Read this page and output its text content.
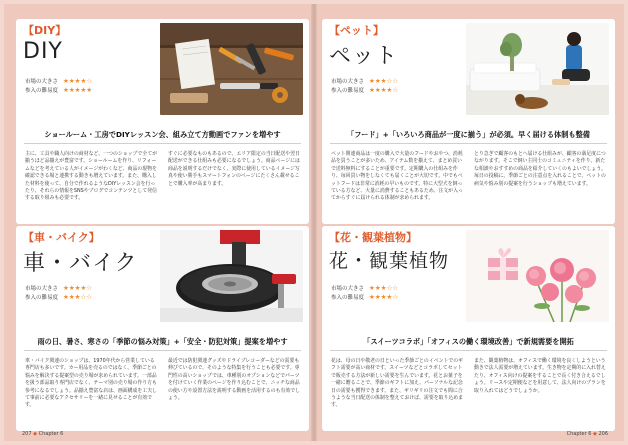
【DIY】
DIY
市場の大きさ ★★★★☆
参入の難易度 ★★★★★
ショールーム・工房でDIYレッスン会、組み立て方動画でファンを増やす
主に、工具や職人向けの商材など、一つのショップで全てが揃うほど品揃えが豊富です。ショールームを作り、リフォームなどを考えている人がイメージがわくなど、商品の現物を確認できる場と連携する動きも増えています。また、購入した材料を使って、自分で作れるようなDIYレッスン会を行ったり、それらの情報をSNSやブログでコンテンツとして発信する取り組みも必要です。
すぐに必要なものもあるので、エリア限定の当日配送や翌日配送ができる仕組みも必要になるでしょう。商品ページには商品を説明するだけでなく、実際に使用しているイメージ写真や使い勝手もスマートフォンのページにたくさん載せることで購入率が高まります。
【車・バイク】
車・バイク
市場の大きさ ★★★★☆
参入の難易度 ★★★☆☆
雨の日、暑さ、寒さの「季節の悩み対策」+「安全・防犯対策」提案を増やす
車・バイク関連のショップは、1970年代から営業している専門店も多いです。カー用品を売るのではなく、季節ごとの悩みを解決する提案型の売り場が求められています。一部品を扱う部品取り専門店でなく、テーマ別の売り場の作り方も参考になるでしょう。品揃え豊富な店は、画面構成を工夫して事前に必要なアクセサリーを一緒に見せることが有効です。
最近では防犯関連グッズやドライブレコーダーなどの需要も伸びているので、そのような特集を行うことも必要です。専門性の高いショップでは、車種別のオプションなどでパーツを付けていく作業のページを作り込むことで、ニッチな商品の使い方や設置方法を説明する動画を活用するのも有効でしょう。
207 ◆ Chapter 6
【ペット】
ペット
市場の大きさ ★★★☆☆
参入の難易度 ★★★★☆
「フード」+「いろいろ商品が一度に揃う」が必須。早く届ける体制も整備
ペット関連商品は一度の購入で大量のフードやおやつ、消耗品を買うことが多いため、アイテム数を揃えて、まとめ買いで送料無料にすることが重要です。定期購入の仕組みを作り、毎回買い物をしなくても届くことが大切です。中でもペットフードは非常に消耗の早いものです。特に大型犬を飼っている方など、大量に消費することもあるため、注文が入ってからすぐに届けられる体制が求められます。
とり急ぎで顧客のもとへ届ける仕組みが、顧客の満足度につながります。そこで飼い主同士のコミュニティを作り、新たな相談やおすすめの商品を紹介していくのもよいでしょう。毎日の投稿に、季節ごとの注意点を入れることで、ペットの病気や悩み別の提案を行うショップも増えています。
【花・観葉植物】
花・観葉植物
市場の大きさ ★★★☆☆
参入の難易度 ★★★★☆
「スイーツコラボ」「オフィスの働く環境改善」で新規需要を開拓
花は、母の日や敬老の日といった季節ごとのイベントでのギフト需要が高い商材です。スイーツなどとコラボしてセットで販売する方法が新しい需要を生んでいます。花とお菓子を一緒に贈ることで、季節のギフトに加え、パーソナルな記念日の需要も獲得できます。また、ギリギリの注文でも間に合うような当日配送の体制を整えておけば、需要を取り込めます。
また、観葉植物は、オフィスで働く環境を良くしようという動きで法人需要が増えています。生き物を定期的に入れ替えたり、オフィス向けの提案をすることで長く付き合えるでしょう。リースや定期便などを用意して、法人向けのプランを取り入れてはどうでしょうか。
Chapter 6 ◆ 206
